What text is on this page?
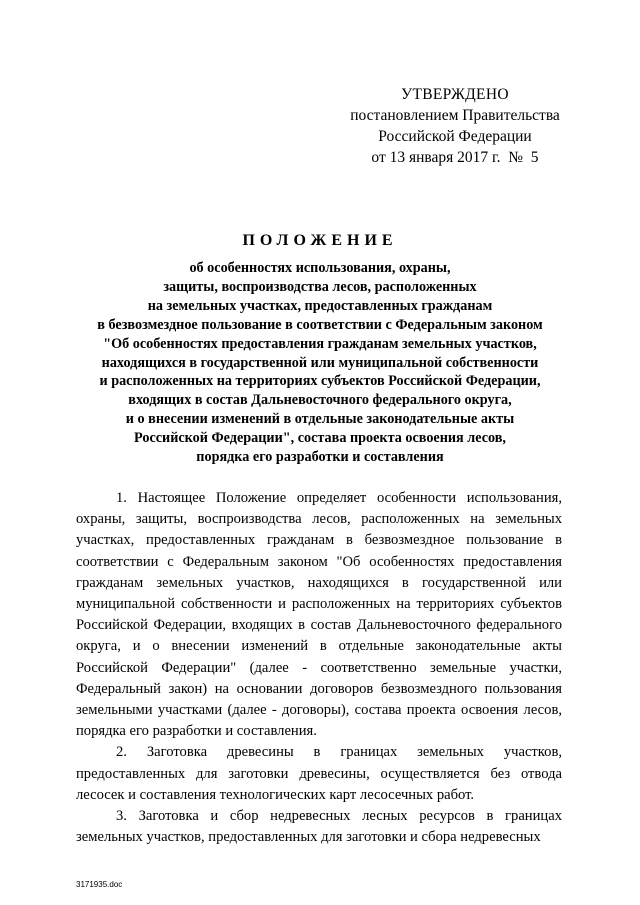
УТВЕРЖДЕНО
постановлением Правительства
Российской Федерации
от 13 января 2017 г.  №  5
ПОЛОЖЕНИЕ
об особенностях использования, охраны,
защиты, воспроизводства лесов, расположенных
на земельных участках, предоставленных гражданам
в безвозмездное пользование в соответствии с Федеральным законом
"Об особенностях предоставления гражданам земельных участков,
находящихся в государственной или муниципальной собственности
и расположенных на территориях субъектов Российской Федерации,
входящих в состав Дальневосточного федерального округа,
и о внесении изменений в отдельные законодательные акты
Российской Федерации", состава проекта освоения лесов,
порядка его разработки и составления

1. Настоящее Положение определяет особенности использования, охраны, защиты, воспроизводства лесов, расположенных на земельных участках, предоставленных гражданам в безвозмездное пользование в соответствии с Федеральным законом "Об особенностях предоставления гражданам земельных участков, находящихся в государственной или муниципальной собственности и расположенных на территориях субъектов Российской Федерации, входящих в состав Дальневосточного федерального округа, и о внесении изменений в отдельные законодательные акты Российской Федерации" (далее - соответственно земельные участки, Федеральный закон) на основании договоров безвозмездного пользования земельными участками (далее - договоры), состава проекта освоения лесов, порядка его разработки и составления.

2. Заготовка древесины в границах земельных участков, предоставленных для заготовки древесины, осуществляется без отвода лесосек и составления технологических карт лесосечных работ.

3. Заготовка и сбор недревесных лесных ресурсов в границах земельных участков, предоставленных для заготовки и сбора недревесных

3171935.doc
